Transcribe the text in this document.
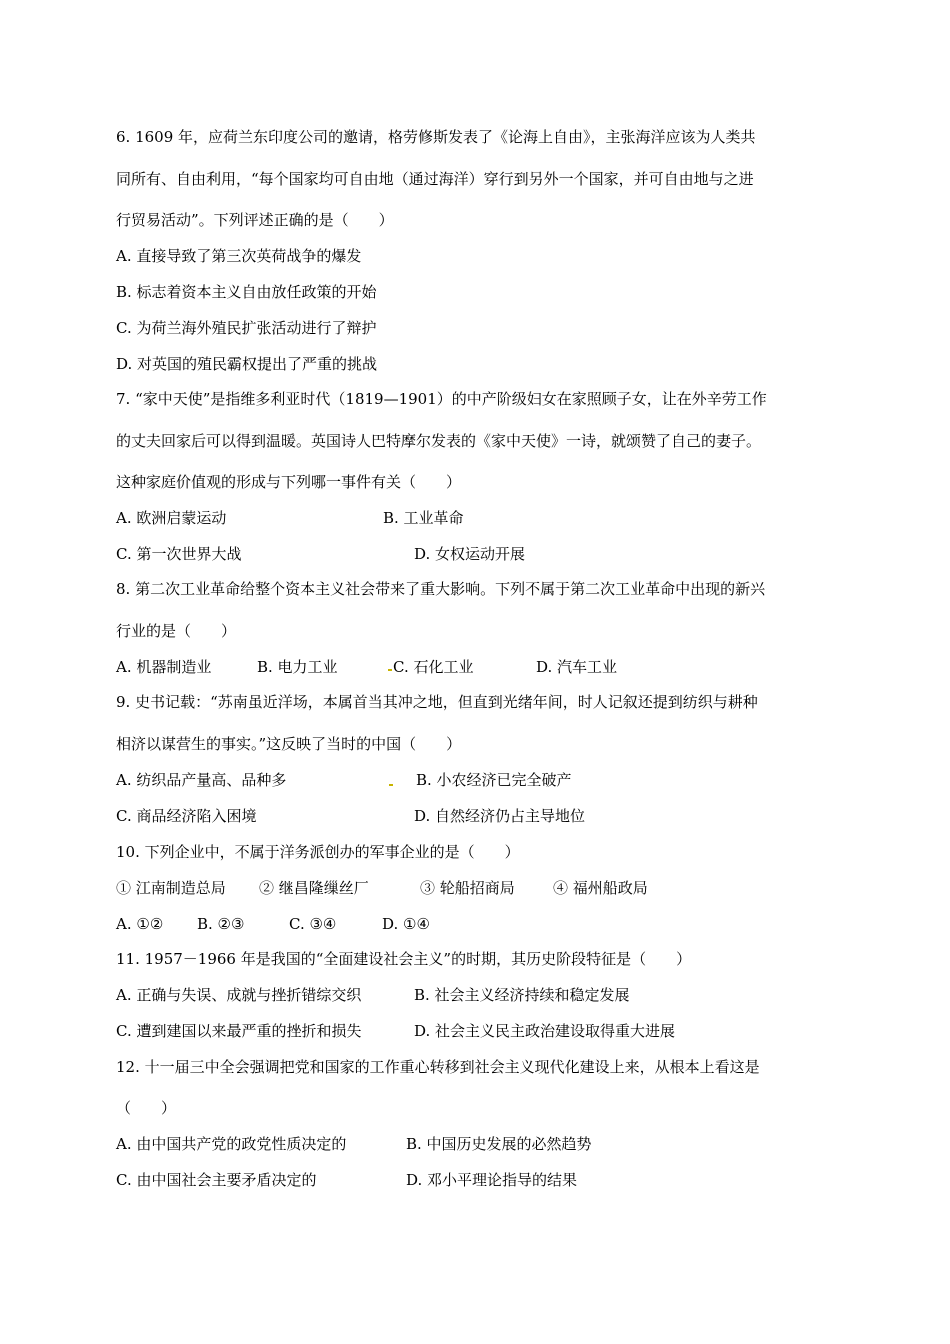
6. 1609 年，应荷兰东印度公司的邀请，格劳修斯发表了《论海上自由》，主张海洋应该为人类共
同所有、自由利用，“每个国家均可自由地（通过海洋）穿行到另外一个国家，并可自由地与之进
行贸易活动”。下列评述正确的是（　　）
A. 直接导致了第三次英荷战争的爆发
B. 标志着资本主义自由放任政策的开始
C. 为荷兰海外殖民扩张活动进行了辩护
D. 对英国的殖民霸权提出了严重的挑战
7. “家中天使”是指维多利亚时代（1819—1901）的中产阶级妇女在家照顾子女，让在外辛劳工作
的丈夫回家后可以得到温暖。英国诗人巴特摩尔发表的《家中天使》一诗，就颂赞了自己的妻子。
这种家庭价值观的形成与下列哪一事件有关（　　）
A. 欧洲启蒙运动	B. 工业革命
C. 第一次世界大战	D. 女权运动开展
8. 第二次工业革命给整个资本主义社会带来了重大影响。下列不属于第二次工业革命中出现的新兴
行业的是（　　）
A. 机器制造业	B. 电力工业	C. 石化工业	D. 汽车工业
9. 史书记载：“苏南虽近洋场，本属首当其冲之地，但直到光绪年间，时人记叙还提到纺织与耕种
相济以谋营生的事实。”这反映了当时的中国（　　）
A. 纺织品产量高、品种多	B. 小农经济已完全破产
C. 商品经济陷入困境	D. 自然经济仍占主导地位
10. 下列企业中，不属于洋务派创办的军事企业的是（　　）
① 江南制造总局 ② 继昌隆缫丝厂	③ 轮船招商局	④ 福州船政局
A. ①② B. ②③	C. ③④	D. ①④
11. 1957－1966 年是我国的“全面建设社会主义”的时期，其历史阶段特征是（　　）
A. 正确与失误、成就与挫折错综交织	B. 社会主义经济持续和稳定发展
C. 遭到建国以来最严重的挫折和损失	D. 社会主义民主政治建设取得重大进展
12. 十一届三中全会强调把党和国家的工作重心转移到社会主义现代化建设上来，从根本上看这是
（　　）
A. 由中国共产党的政党性质决定的	B. 中国历史发展的必然趋势
C. 由中国社会主要矛盾决定的	D. 邓小平理论指导的结果
